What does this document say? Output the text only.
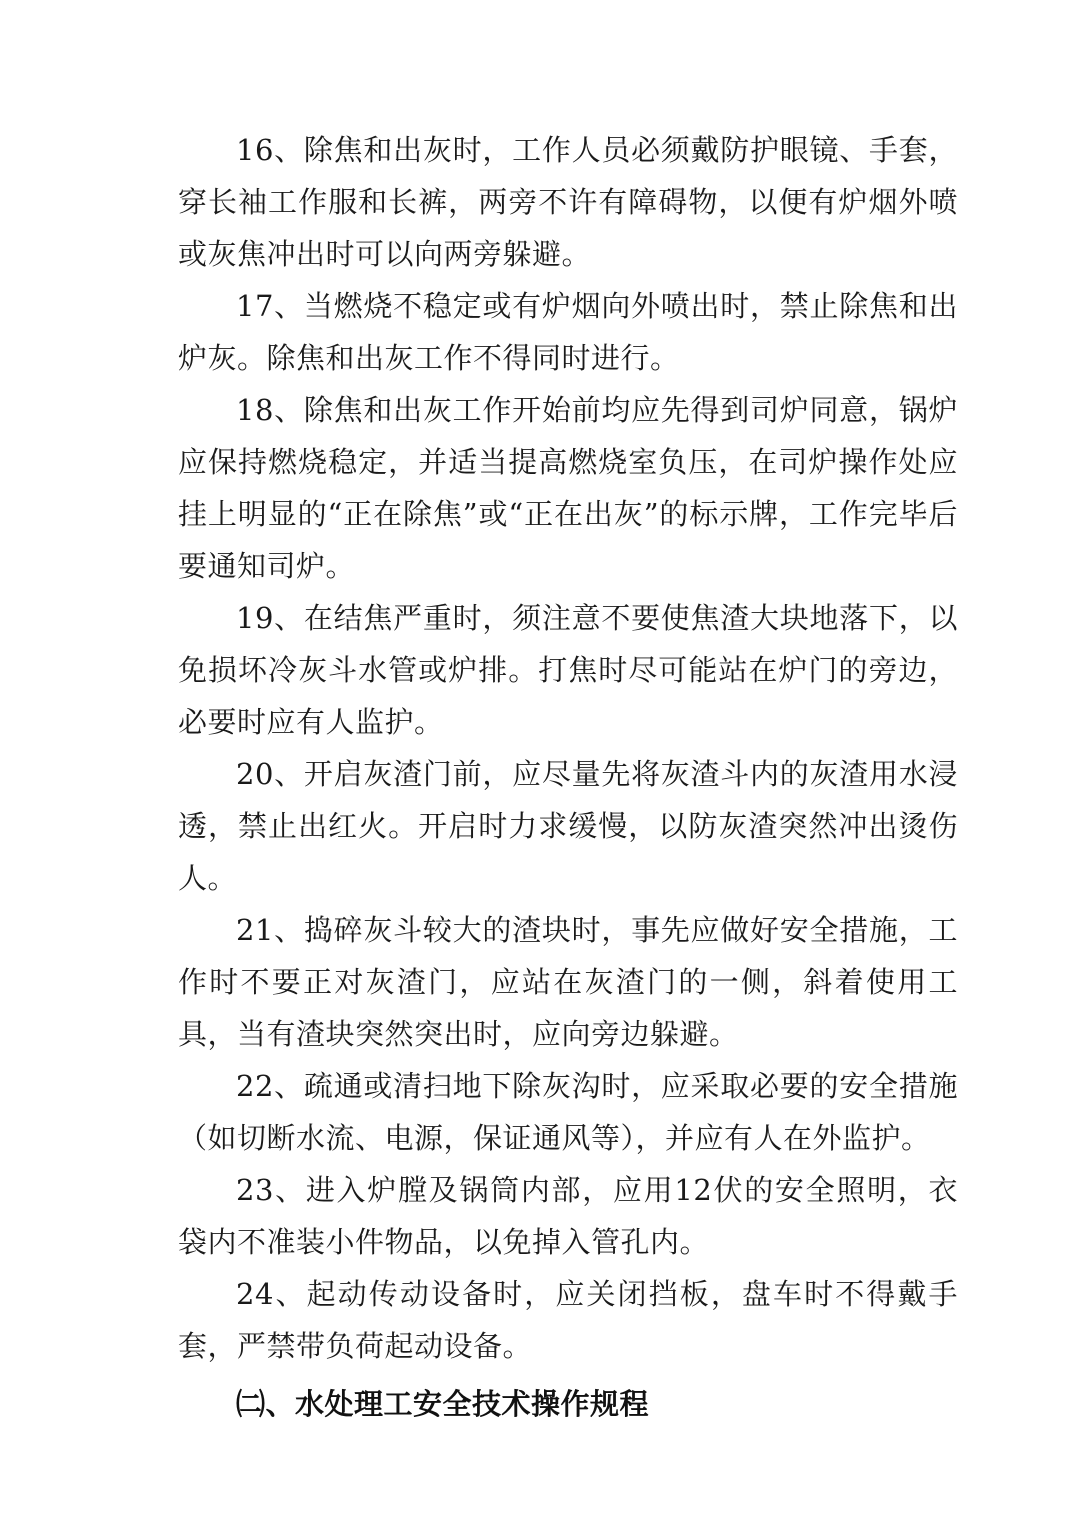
16、除焦和出灰时，工作人员必须戴防护眼镜、手套，穿长袖工作服和长裤，两旁不许有障碍物，以便有炉烟外喷或灰焦冲出时可以向两旁躲避。

17、当燃烧不稳定或有炉烟向外喷出时，禁止除焦和出炉灰。除焦和出灰工作不得同时进行。

18、除焦和出灰工作开始前均应先得到司炉同意，锅炉应保持燃烧稳定，并适当提高燃烧室负压，在司炉操作处应挂上明显的“正在除焦”或“正在出灰”的标示牌，工作完毕后要通知司炉。

19、在结焦严重时，须注意不要使焦渣大块地落下，以免损坏冷灰斗水管或炉排。打焦时尽可能站在炉门的旁边，必要时应有人监护。

20、开启灰渣门前，应尽量先将灰渣斗内的灰渣用水浸透，禁止出红火。开启时力求缓慢，以防灰渣突然冲出烫伤人。

21、捣碎灰斗较大的渣块时，事先应做好安全措施，工作时不要正对灰渣门，应站在灰渣门的一侧，斜着使用工具，当有渣块突然突出时，应向旁边躲避。

22、疏通或清扫地下除灰沟时，应采取必要的安全措施（如切断水流、电源，保证通风等），并应有人在外监护。

23、进入炉膛及锅筒内部，应用12伏的安全照明，衣袋内不准装小件物品，以免掉入管孔内。

24、起动传动设备时，应关闭挡板，盘车时不得戴手套，严禁带负荷起动设备。

㈡、水处理工安全技术操作规程
